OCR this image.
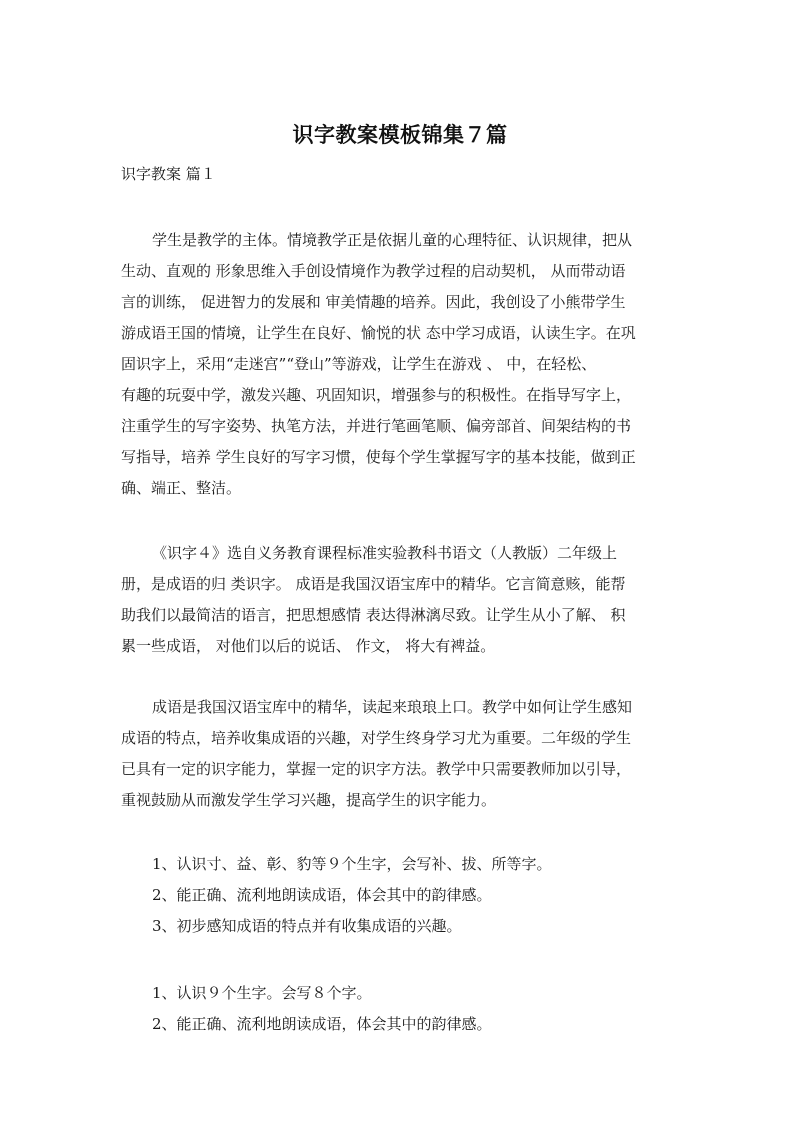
识字教案模板锦集７篇
识字教案 篇１

学生是教学的主体。情境教学正是依据儿童的心理特征、认识规律，把从
生动、直观的 形象思维入手创设情境作为教学过程的启动契机， 从而带动语
言的训练， 促进智力的发展和 审美情趣的培养。因此，我创设了小熊带学生
游成语王国的情境，让学生在良好、愉悦的状 态中学习成语，认读生字。在巩
固识字上，采用“走迷宫”“登山”等游戏，让学生在游戏 、 中，在轻松、
有趣的玩耍中学，激发兴趣、巩固知识，增强参与的积极性。在指导写字上，
注重学生的写字姿势、执笔方法，并进行笔画笔顺、偏旁部首、间架结构的书
写指导，培养 学生良好的写字习惯，使每个学生掌握写字的基本技能，做到正
确、端正、整洁。

《识字４》选自义务教育课程标准实验教科书语文（人教版）二年级上
册，是成语的归 类识字。 成语是我国汉语宝库中的精华。它言简意赅，能帮
助我们以最简洁的语言，把思想感情 表达得淋漓尽致。让学生从小了解、 积
累一些成语， 对他们以后的说话、 作文， 将大有裨益。

成语是我国汉语宝库中的精华，读起来琅琅上口。教学中如何让学生感知
成语的特点，培养收集成语的兴趣，对学生终身学习尤为重要。二年级的学生
已具有一定的识字能力，掌握一定的识字方法。教学中只需要教师加以引导，
重视鼓励从而激发学生学习兴趣，提高学生的识字能力。

1、认识寸、益、彰、豹等９个生字，会写补、拔、所等字。
2、能正确、流利地朗读成语，体会其中的韵律感。
3、初步感知成语的特点并有收集成语的兴趣。
1、认识９个生字。会写８个字。
2、能正确、流利地朗读成语，体会其中的韵律感。
